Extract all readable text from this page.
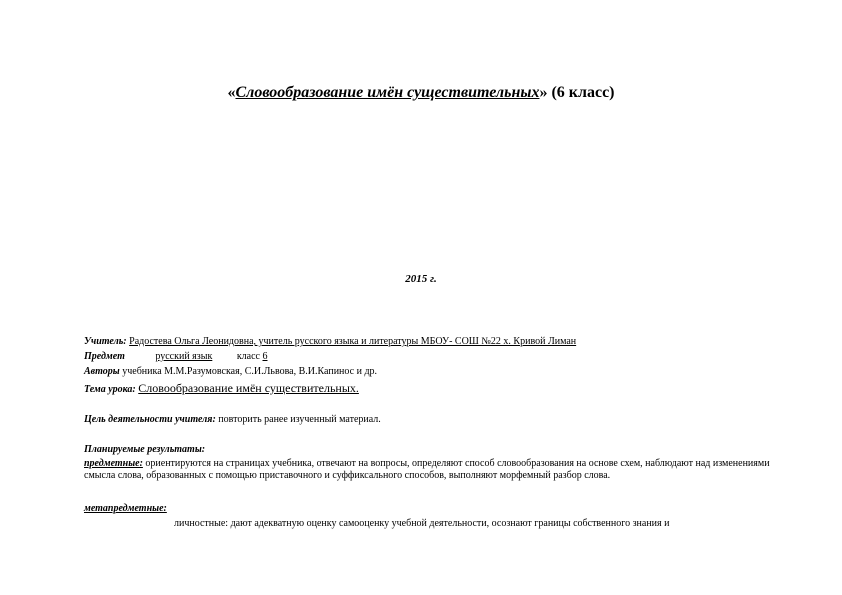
«Словообразование имён существительных» (6 класс)
2015 г.
Учитель: Радостева Ольга Леонидовна, учитель русского языка и литературы МБОУ- СОШ №22 х. Кривой Лиман
Предмет	русский язык класс 6
Авторы учебника М.М.Разумовская, С.И.Львова, В.И.Капинос и др.
Тема урока: Словообразование имён существительных.
Цель деятельности учителя: повторить ранее изученный материал.
Планируемые результаты:
предметные: ориентируются на страницах учебника, отвечают на вопросы, определяют способ словообразования на основе схем, наблюдают над изменениями смысла слова, образованных с помощью приставочного и суффиксального способов, выполняют морфемный разбор слова.
метапредметные:
личностные: дают адекватную оценку самооценку учебной деятельности, осознают границы собственного знания и
